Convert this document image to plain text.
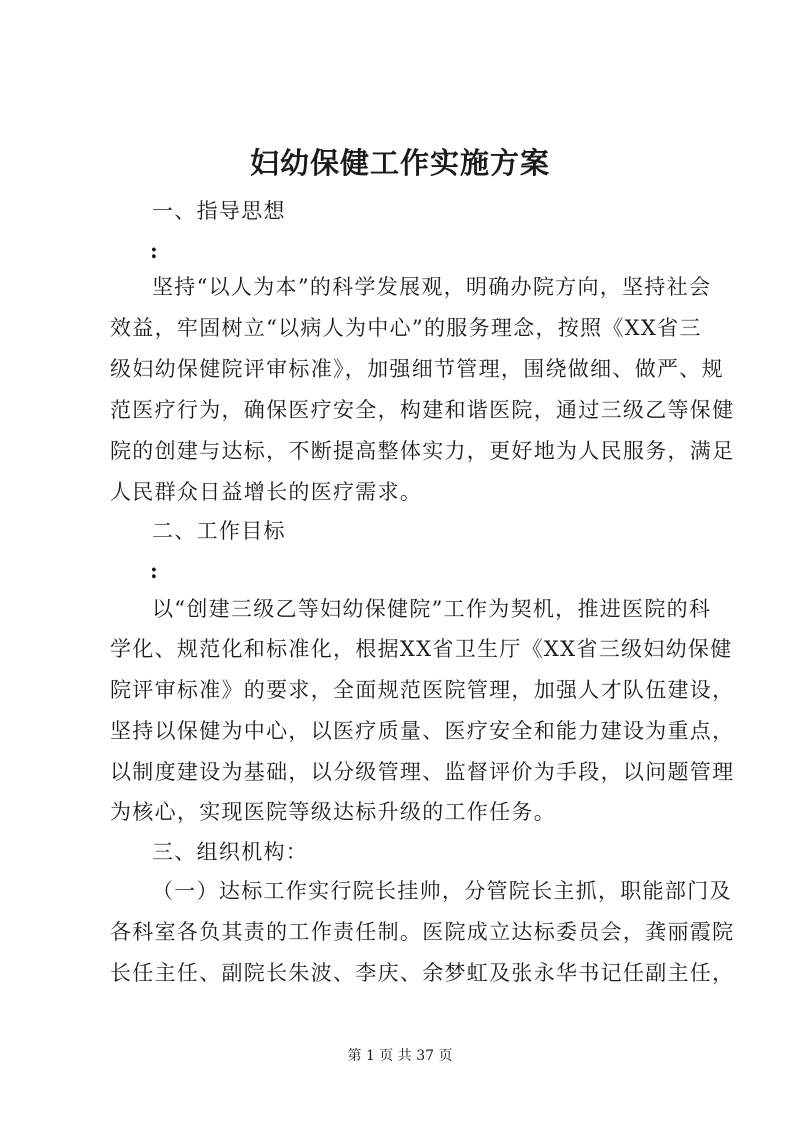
妇幼保健工作实施方案
一、指导思想
:
坚持“以人为本”的科学发展观，明确办院方向，坚持社会
效益，牢固树立“以病人为中心”的服务理念，按照《XX省三
级妇幼保健院评审标准》，加强细节管理，围绕做细、做严、规
范医疗行为，确保医疗安全，构建和谐医院，通过三级乙等保健
院的创建与达标，不断提高整体实力，更好地为人民服务，满足
人民群众日益增长的医疗需求。
二、工作目标
:
以“创建三级乙等妇幼保健院”工作为契机，推进医院的科
学化、规范化和标准化，根据XX省卫生厅《XX省三级妇幼保健
院评审标准》的要求，全面规范医院管理，加强人才队伍建设，
坚持以保健为中心，以医疗质量、医疗安全和能力建设为重点，
以制度建设为基础，以分级管理、监督评价为手段，以问题管理
为核心，实现医院等级达标升级的工作任务。
三、组织机构：
（一）达标工作实行院长挂帅，分管院长主抓，职能部门及
各科室各负其责的工作责任制。医院成立达标委员会，龚丽霞院
长任主任、副院长朱波、李庆、余梦虹及张永华书记任副主任，
第 1 页 共 37 页
